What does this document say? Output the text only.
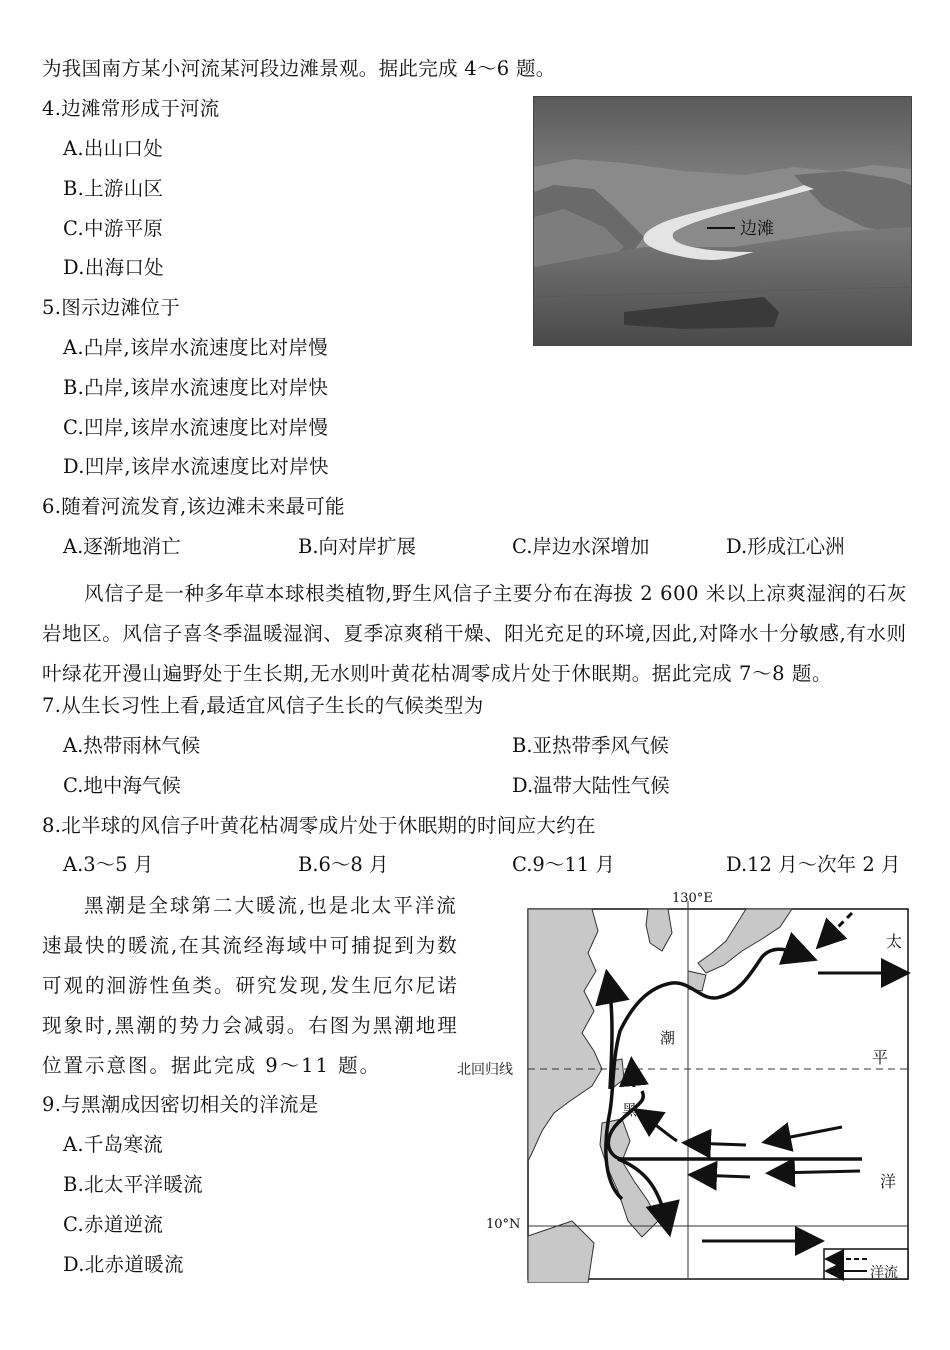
为我国南方某小河流某河段边滩景观。据此完成 4～6 题。
4.边滩常形成于河流
A.出山口处
B.上游山区
C.中游平原
D.出海口处
边滩
5.图示边滩位于
A.凸岸,该岸水流速度比对岸慢
B.凸岸,该岸水流速度比对岸快
C.凹岸,该岸水流速度比对岸慢
D.凹岸,该岸水流速度比对岸快
6.随着河流发育,该边滩未来最可能
A.逐渐地消亡	B.向对岸扩展	C.岸边水深增加	D.形成江心洲
风信子是一种多年草本球根类植物,野生风信子主要分布在海拔 2 600 米以上凉爽湿润的石灰岩地区。风信子喜冬季温暖湿润、夏季凉爽稍干燥、阳光充足的环境,因此,对降水十分敏感,有水则叶绿花开漫山遍野处于生长期,无水则叶黄花枯凋零成片处于休眠期。据此完成 7～8 题。
7.从生长习性上看,最适宜风信子生长的气候类型为
A.热带雨林气候	B.亚热带季风气候
C.地中海气候	D.温带大陆性气候
8.北半球的风信子叶黄花枯凋零成片处于休眠期的时间应大约在
A.3～5 月	B.6～8 月	C.9～11 月	D.12 月～次年 2 月
黑潮是全球第二大暖流,也是北太平洋流速最快的暖流,在其流经海域中可捕捉到为数可观的洄游性鱼类。研究发现,发生厄尔尼诺现象时,黑潮的势力会减弱。右图为黑潮地理位置示意图。据此完成 9～11 题。
9.与黑潮成因密切相关的洋流是
A.千岛寒流
B.北太平洋暖流
C.赤道逆流
D.北赤道暖流
130°E
10°N
北回归线
太
平
洋
潮
黑
洋流
